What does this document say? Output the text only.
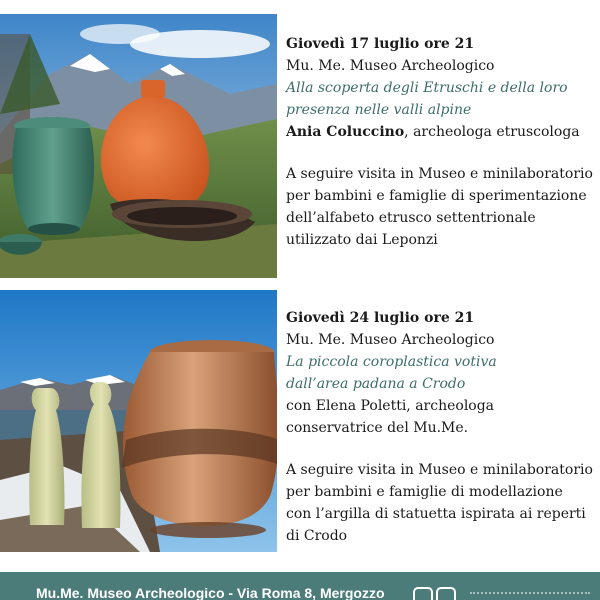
Giovedì 17 luglio ore 21
Mu. Me. Museo Archeologico
Alla scoperta degli Etruschi e della loro
presenza nelle valli alpine
Ania Coluccino, archeologa etruscologa
A seguire visita in Museo e minilaboratorio
per bambini e famiglie di sperimentazione
dell’alfabeto etrusco settentrionale
utilizzato dai Leponzi
Giovedì 24 luglio ore 21
Mu. Me. Museo Archeologico
La piccola coroplastica votiva
dall’area padana a Crodo
con Elena Poletti, archeologa
conservatrice del Mu.Me.
A seguire visita in Museo e minilaboratorio
per bambini e famiglie di modellazione
con l’argilla di statuetta ispirata ai reperti
di Crodo
Mu.Me. Museo Archeologico - Via Roma 8, Mergozzo
